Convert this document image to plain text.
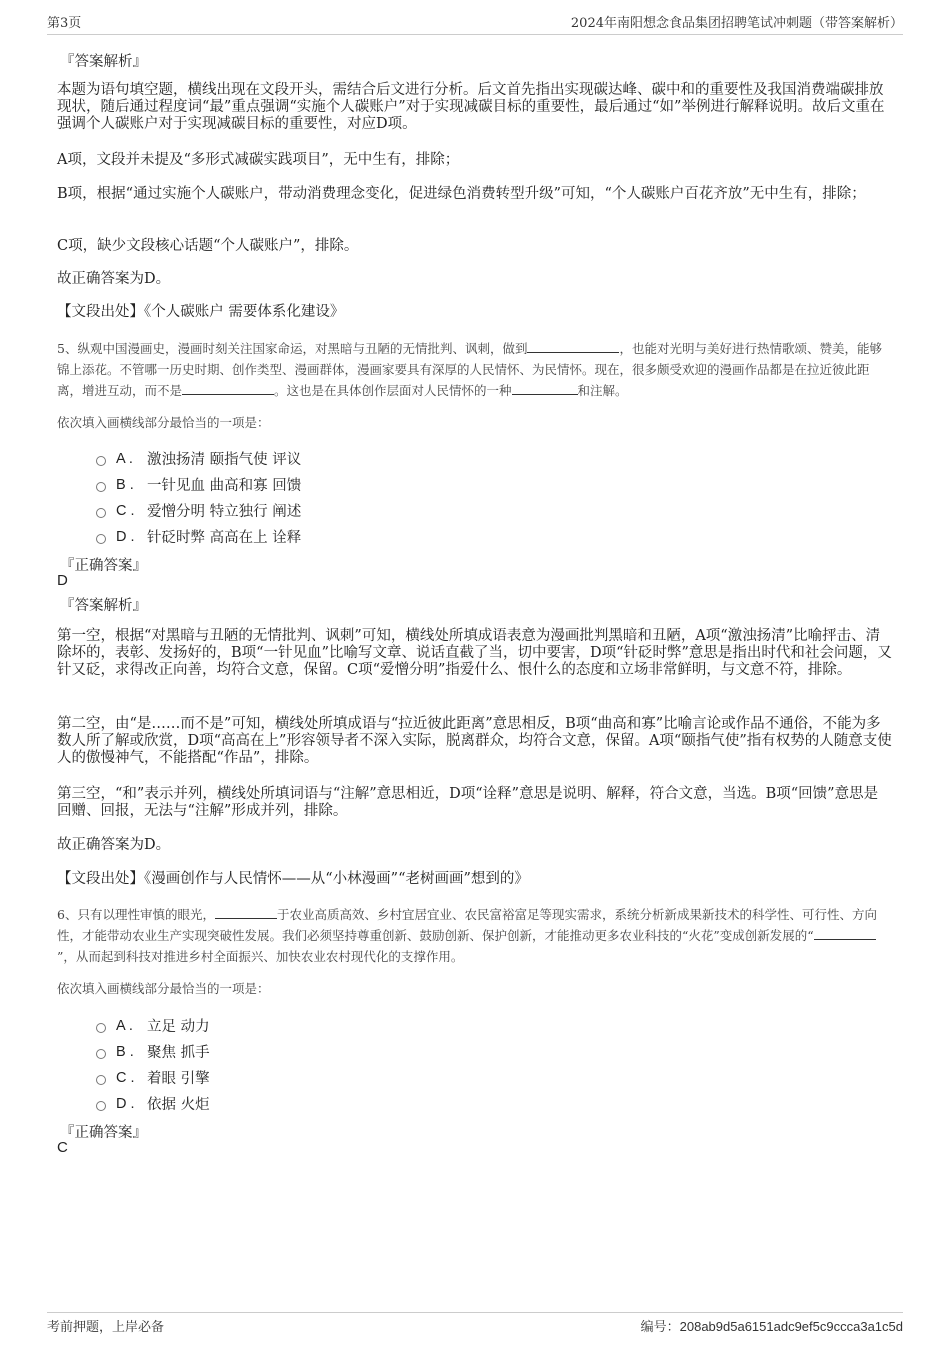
第3页	2024年南阳想念食品集团招聘笔试冲刺题（带答案解析）
『答案解析』

本题为语句填空题，横线出现在文段开头，需结合后文进行分析。后文首先指出实现碳达峰、碳中和的重要性及我国消费端碳排放现状，随后通过程度词“最”重点强调“实施个人碳账户”对于实现减碳目标的重要性，最后通过“如”举例进行解释说明。故后文重在强调个人碳账户对于实现减碳目标的重要性，对应D项。

A项，文段并未提及“多形式减碳实践项目”，无中生有，排除；

B项，根据“通过实施个人碳账户，带动消费理念变化，促进绿色消费转型升级”可知，“个人碳账户百花齐放”无中生有，排除；

C项，缺少文段核心话题“个人碳账户”，排除。

故正确答案为D。

【文段出处】《个人碳账户 需要体系化建设》

5、纵观中国漫画史，漫画时刻关注国家命运，对黑暗与丑陋的无情批判、讽刺，做到	，也能对光明与美好进行热情歌颂、赞美，能够锦上添花。不管哪一历史时期、创作类型、漫画群体，漫画家要具有深厚的人民情怀、为民情怀。现在，很多颇受欢迎的漫画作品都是在拉近彼此距离，增进互动，而不是	。这也是在具体创作层面对人民情怀的一种	和注解。

依次填入画横线部分最恰当的一项是：

A . 激浊扬清 颐指气使 评议
B . 一针见血 曲高和寡 回馈
C . 爱憎分明 特立独行 阐述
D . 针砭时弊 高高在上 诠释
『正确答案』
D
『答案解析』

第一空，根据“对黑暗与丑陋的无情批判、讽刺”可知，横线处所填成语表意为漫画批判黑暗和丑陋，A项“激浊扬清”比喻抨击、清除坏的，表彰、发扬好的，B项“一针见血”比喻写文章、说话直截了当，切中要害，D项“针砭时弊”意思是指出时代和社会问题，又针又砭，求得改正向善，均符合文意，保留。C项“爱憎分明”指爱什么、恨什么的态度和立场非常鲜明，与文意不符，排除。

第二空，由“是……而不是”可知，横线处所填成语与“拉近彼此距离”意思相反，B项“曲高和寡”比喻言论或作品不通俗，不能为多数人所了解或欣赏，D项“高高在上”形容领导者不深入实际，脱离群众，均符合文意，保留。A项“颐指气使”指有权势的人随意支使人的傲慢神气，不能搭配“作品”，排除。

第三空，“和”表示并列，横线处所填词语与“注解”意思相近，D项“诠释”意思是说明、解释，符合文意，当选。B项“回馈”意思是回赠、回报，无法与“注解”形成并列，排除。

故正确答案为D。

【文段出处】《漫画创作与人民情怀——从“小林漫画”“老树画画”想到的》

6、只有以理性审慎的眼光，	于农业高质高效、乡村宜居宜业、农民富裕富足等现实需求，系统分析新成果新技术的科学性、可行性、方向性，才能带动农业生产实现突破性发展。我们必须坚持尊重创新、鼓励创新、保护创新，才能推动更多农业科技的“火花”变成创新发展的“”，从而起到科技对推进乡村全面振兴、加快农业农村现代化的支撑作用。

依次填入画横线部分最恰当的一项是：

A . 立足 动力
B . 聚焦 抓手
C . 着眼 引擎
D . 依据 火炬
『正确答案』
C
考前押题，上岸必备	编号：208ab9d5a6151adc9ef5c9ccca3a1c5d
